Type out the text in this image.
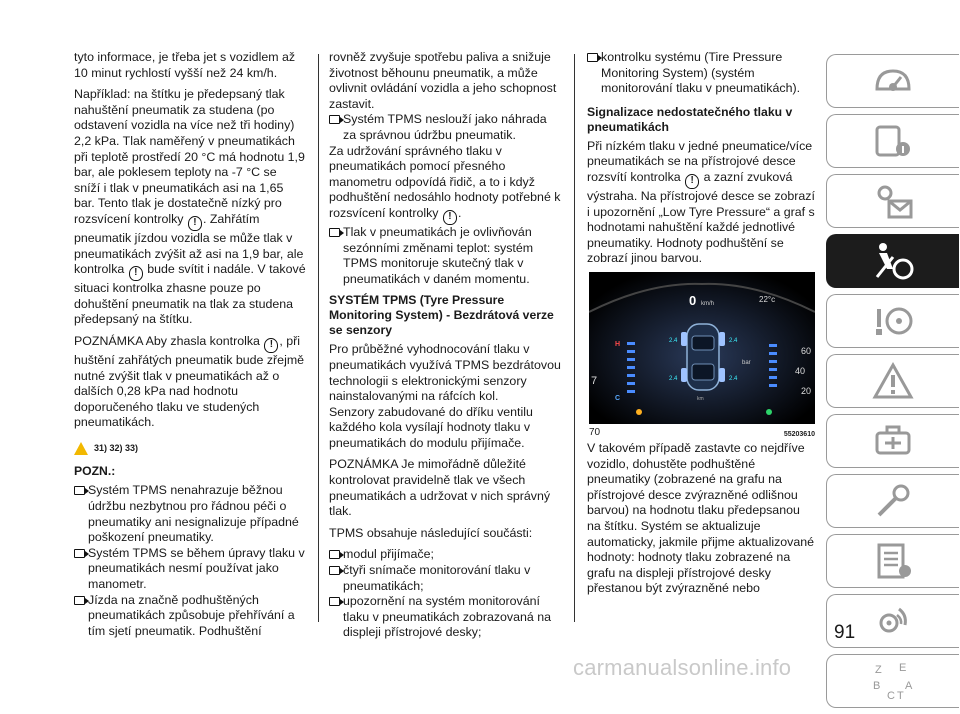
tyto informace, je třeba jet s vozidlem až 10 minut rychlostí vyšší než 24 km/h.

Například: na štítku je předepsaný tlak nahuštění pneumatik za studena (po odstavení vozidla na více než tři hodiny) 2,2 kPa. Tlak naměřený v pneumatikách při teplotě prostředí 20 °C má hodnotu 1,9 bar, ale poklesem teploty na -7 °C se sníží i tlak v pneumatikách asi na 1,65 bar. Tento tlak je dostatečně nízký pro rozsvícení kontrolky ! . Zahřátím pneumatik jízdou vozidla se může tlak v pneumatikách zvýšit až asi na 1,9 bar, ale kontrolka ! bude svítit i nadále. V takové situaci kontrolka zhasne pouze po dohuštění pneumatik na tlak za studena předepsaný na štítku.

POZNÁMKA Aby zhasla kontrolka ! , při huštění zahřátých pneumatik bude zřejmě nutné zvýšit tlak v pneumatikách až o dalších 0,28 kPa nad hodnotu doporučeného tlaku ve studených pneumatikách.

31) 32) 33)
POZN.:
Systém TPMS nenahrazuje běžnou údržbu nezbytnou pro řádnou péči o pneumatiky ani nesignalizuje případné poškození pneumatiky.
Systém TPMS se během úpravy tlaku v pneumatikách nesmí používat jako manometr.
Jízda na značně podhuštěných pneumatikách způsobuje přehřívání a tím sjetí pneumatik. Podhuštění

rovněž zvyšuje spotřebu paliva a snižuje životnost běhounu pneumatik, a může ovlivnit ovládání vozidla a jeho schopnost zastavit.

Systém TPMS neslouží jako náhrada za správnou údržbu pneumatik.

Za udržování správného tlaku v pneumatikách pomocí přesného manometru odpovídá řidič, a to i když podhuštění nedosáhlo hodnoty potřebné k rozsvícení kontrolky ! .

Tlak v pneumatikách je ovlivňován sezónními změnami teplot: systém TPMS monitoruje skutečný tlak v pneumatikách v daném momentu.
SYSTÉM TPMS (Tyre Pressure Monitoring System) - Bezdrátová verze se senzory

Pro průběžné vyhodnocování tlaku v pneumatikách využívá TPMS bezdrátovou technologii s elektronickými senzory nainstalovanými na ráfcích kol.

Senzory zabudované do dříku ventilu každého kola vysílají hodnoty tlaku v pneumatikách do modulu přijímače.

POZNÁMKA Je mimořádně důležité kontrolovat pravidelně tlak ve všech pneumatikách a udržovat v nich správný tlak.

TPMS obsahuje následující součásti:

modul přijímače;
čtyři snímače monitorování tlaku v pneumatikách;
upozornění na systém monitorování tlaku v pneumatikách zobrazovaná na displeji přístrojové desky;
kontrolku systému (Tire Pressure Monitoring System) (systém monitorování tlaku v pneumatikách).
Signalizace nedostatečného tlaku v pneumatikách

Při nízkém tlaku v jedné pneumatice/více pneumatikách se na přístrojové desce rozsvítí kontrolka ! a zazní zvuková výstraha. Na přístrojové desce se zobrazí i upozornění „Low Tyre Pressure“ a graf s hodnotami nahuštění každé jednotlivé pneumatiky. Hodnoty podhuštění se zobrazí jinou barvou.

0 km/h	22°c
2.4	2.4
2.4	2.4
bar
km
H
C
7
60
40
20
70	55203610

V takovém případě zastavte co nejdříve vozidlo, dohustěte podhuštěné pneumatiky (zobrazené na grafu na přístrojové desce zvýrazněné odlišnou barvou) na hodnotu tlaku předepsanou na štítku. Systém se aktualizuje automaticky, jakmile přijme aktualizované hodnoty: hodnoty tlaku zobrazené na grafu na displeji přístrojové desky přestanou být zvýrazněné nebo

Z E
B
C T
A
91
carmanualsonline.info
